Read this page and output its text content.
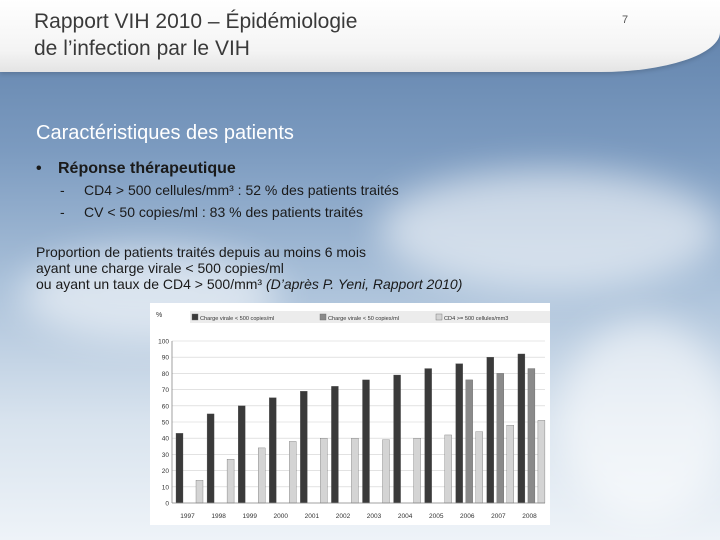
Rapport VIH 2010 – Épidémiologie
de l’infection par le VIH
7
Caractéristiques des patients
• Réponse thérapeutique
- CD4 > 500 cellules/mm³ : 52 % des patients traités
- CV < 50 copies/ml : 83 % des patients traités
Proportion de patients traités depuis au moins 6 mois
ayant une charge virale < 500 copies/ml
ou ayant un taux de CD4 > 500/mm³ (D’après P. Yeni, Rapport 2010)
Charge virale < 500 copies/ml	Charge virale < 50 copies/ml	CD4 >= 500 cellules/mm3
1997	1998	1999	2000	2001	2002	2003	2004	2005	2006	2007	2008
%
0
10
20
30
40
50
60
70
80
90
100
